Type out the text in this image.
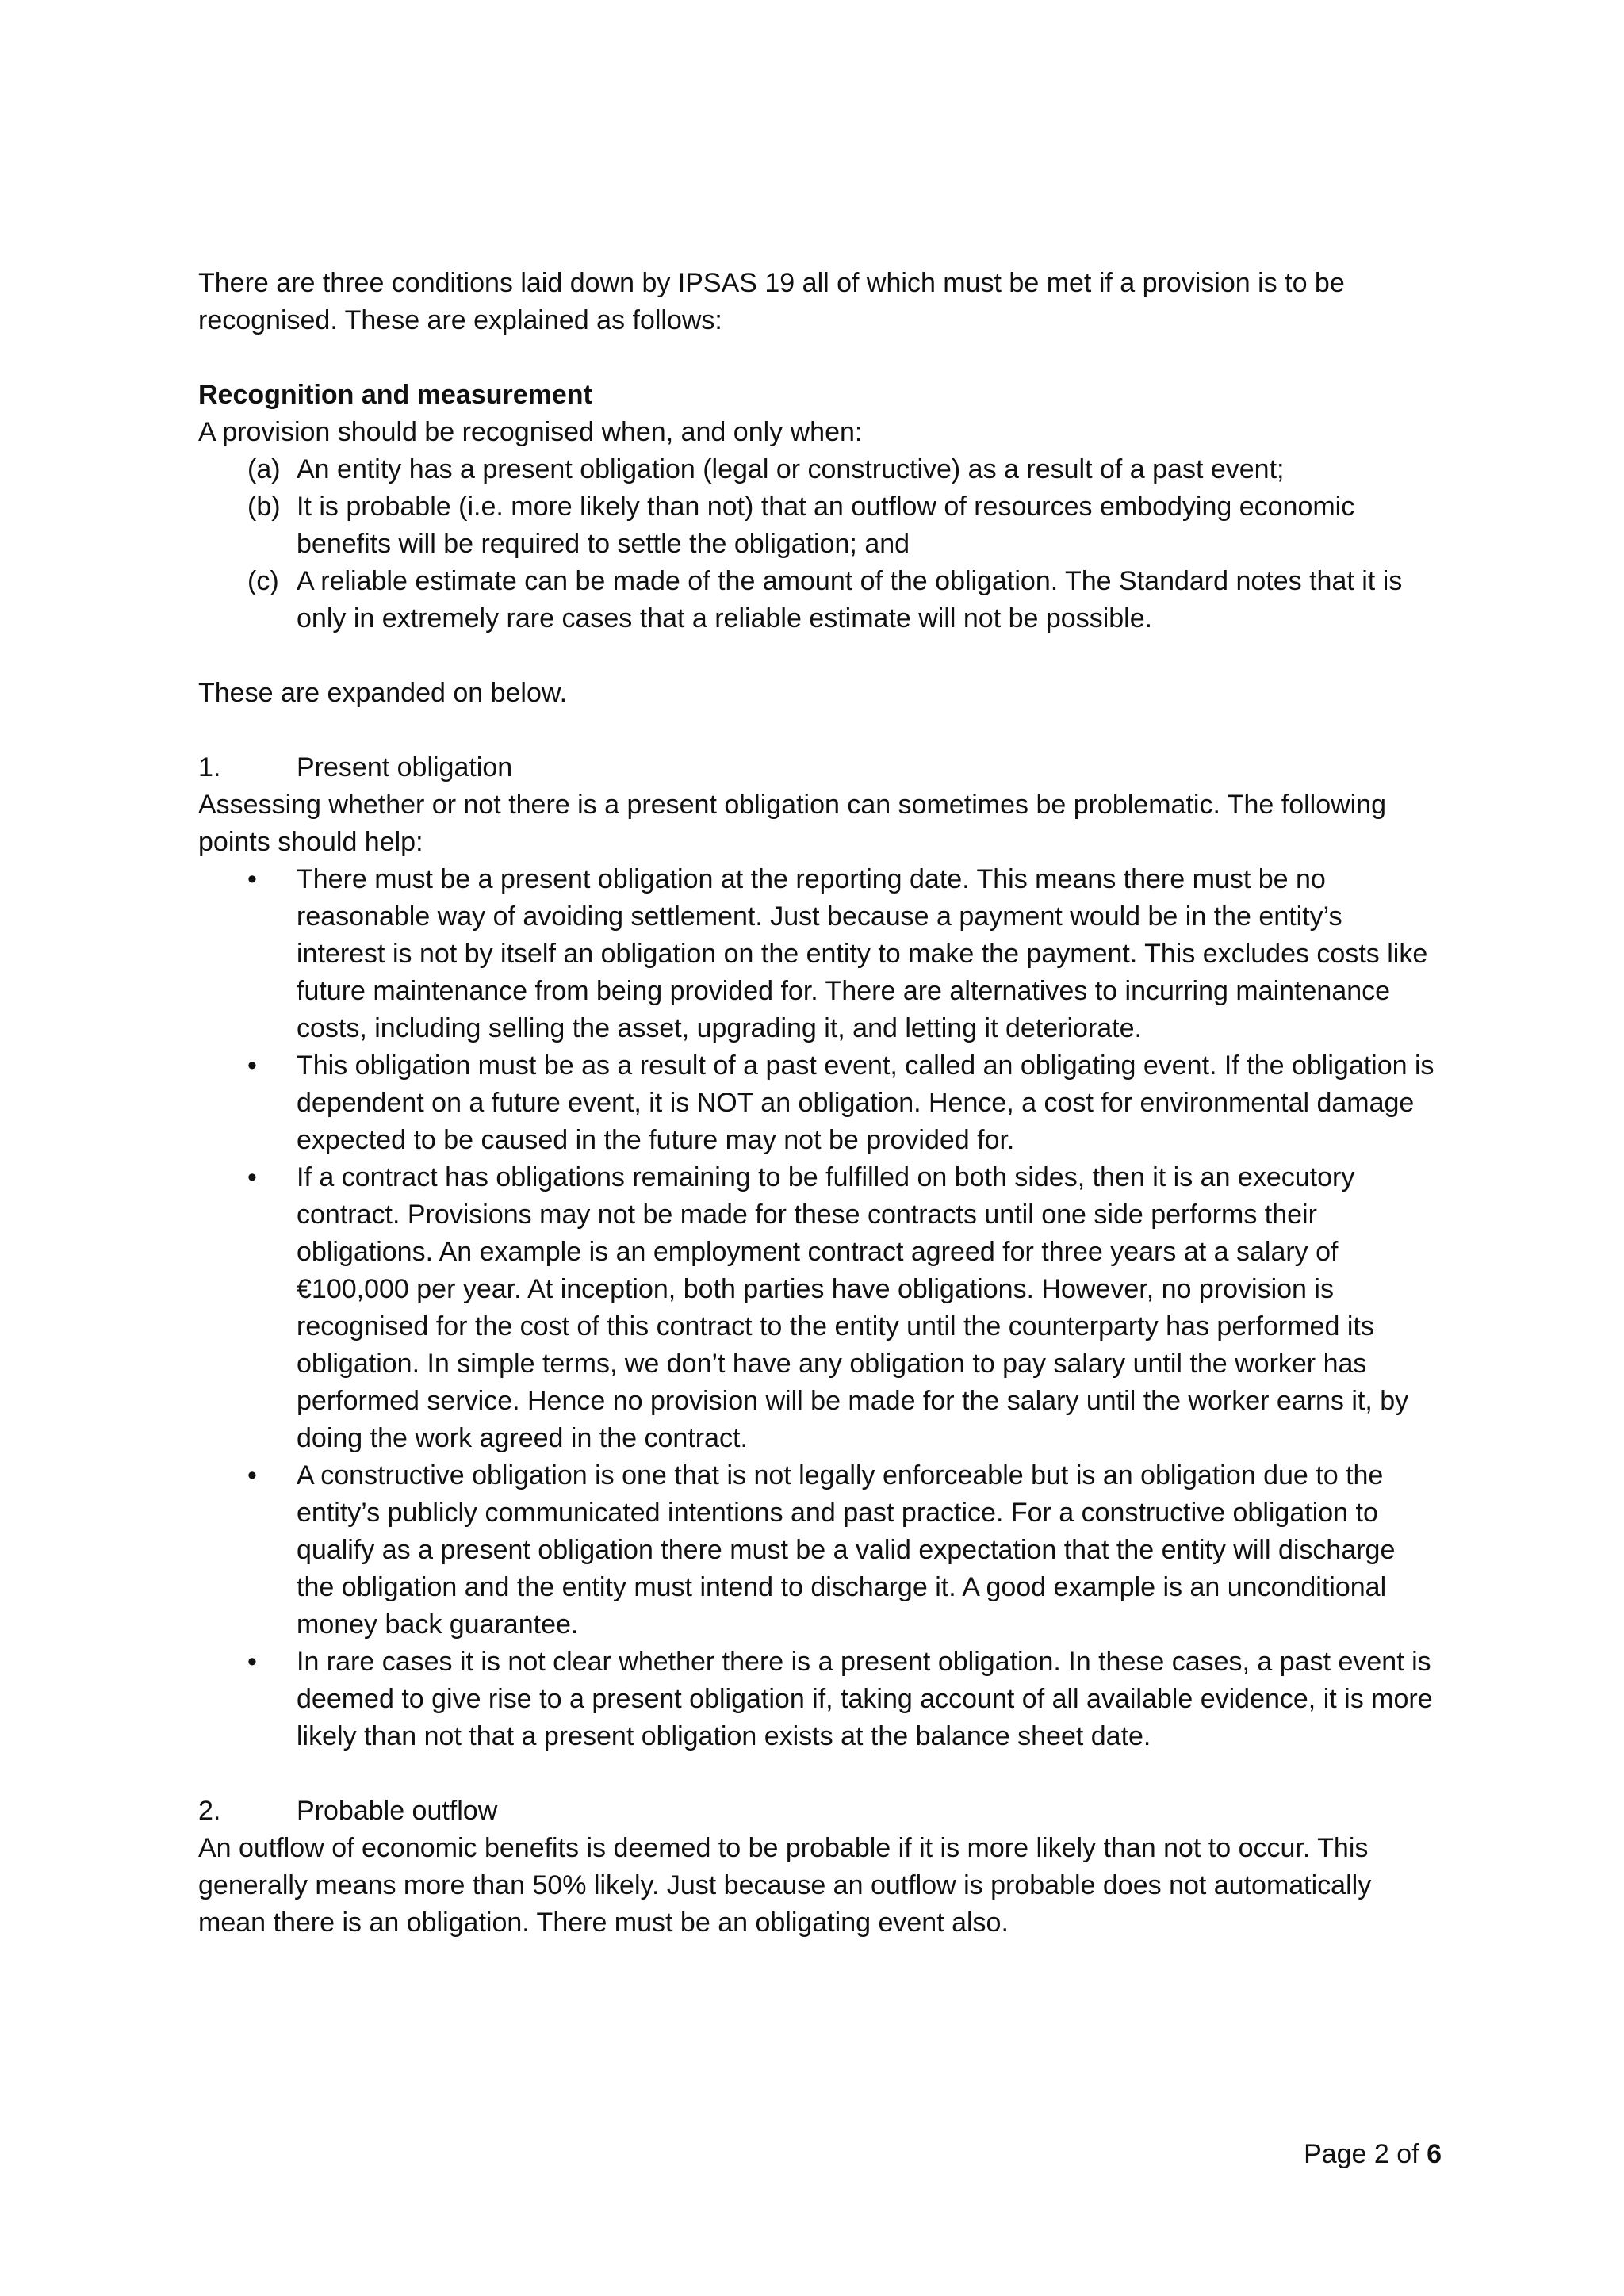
There are three conditions laid down by IPSAS 19 all of which must be met if a provision is to be recognised. These are explained as follows:

Recognition and measurement

A provision should be recognised when, and only when:

(a) An entity has a present obligation (legal or constructive) as a result of a past event;
(b) It is probable (i.e. more likely than not) that an outflow of resources embodying economic benefits will be required to settle the obligation; and
(c) A reliable estimate can be made of the amount of the obligation. The Standard notes that it is only in extremely rare cases that a reliable estimate will not be possible.

These are expanded on below.

1.	Present obligation

Assessing whether or not there is a present obligation can sometimes be problematic. The following points should help:

•	There must be a present obligation at the reporting date. This means there must be no reasonable way of avoiding settlement. Just because a payment would be in the entity’s interest is not by itself an obligation on the entity to make the payment. This excludes costs like future maintenance from being provided for. There are alternatives to incurring maintenance costs, including selling the asset, upgrading it, and letting it deteriorate.
•	This obligation must be as a result of a past event, called an obligating event. If the obligation is dependent on a future event, it is NOT an obligation. Hence, a cost for environmental damage expected to be caused in the future may not be provided for.
•	If a contract has obligations remaining to be fulfilled on both sides, then it is an executory contract. Provisions may not be made for these contracts until one side performs their obligations. An example is an employment contract agreed for three years at a salary of €100,000 per year. At inception, both parties have obligations. However, no provision is recognised for the cost of this contract to the entity until the counterparty has performed its obligation. In simple terms, we don’t have any obligation to pay salary until the worker has performed service. Hence no provision will be made for the salary until the worker earns it, by doing the work agreed in the contract.
•	A constructive obligation is one that is not legally enforceable but is an obligation due to the entity’s publicly communicated intentions and past practice. For a constructive obligation to qualify as a present obligation there must be a valid expectation that the entity will discharge the obligation and the entity must intend to discharge it. A good example is an unconditional money back guarantee.
•	In rare cases it is not clear whether there is a present obligation. In these cases, a past event is deemed to give rise to a present obligation if, taking account of all available evidence, it is more likely than not that a present obligation exists at the balance sheet date.

2.	Probable outflow

An outflow of economic benefits is deemed to be probable if it is more likely than not to occur. This generally means more than 50% likely. Just because an outflow is probable does not automatically mean there is an obligation. There must be an obligating event also.

Page 2 of 6
